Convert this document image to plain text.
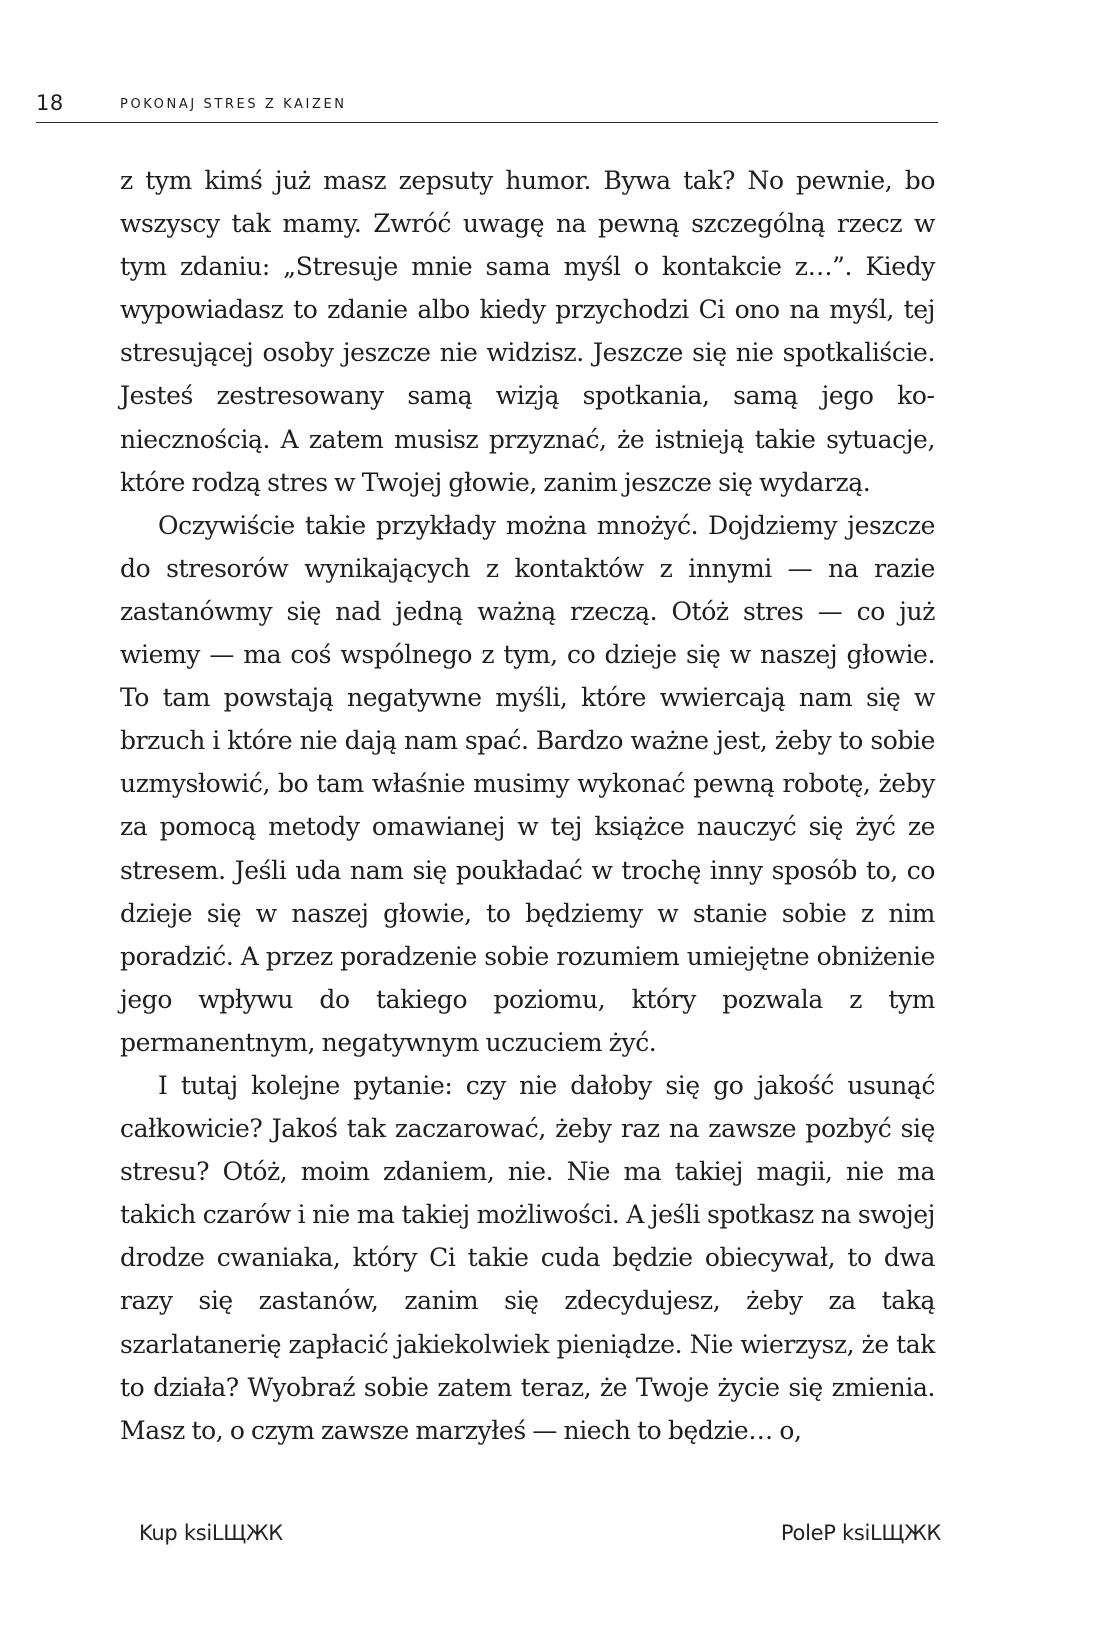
18	POKONAJ STRES Z KAIZEN

z tym kimś już masz zepsuty humor. Bywa tak? No pewnie, bo wszyscy tak mamy. Zwróć uwagę na pewną szczególną rzecz w tym zdaniu: „Stresuje mnie sama myśl o kontakcie z…”. Kiedy wypowiadasz to zdanie albo kiedy przychodzi Ci ono na myśl, tej stresującej osoby jeszcze nie widzisz. Jeszcze się nie spotkaliście. Jesteś zestresowany samą wizją spotkania, samą jego koniecznością. A zatem musisz przyznać, że istnieją takie sytuacje, które rodzą stres w Twojej głowie, zanim jeszcze się wydarzą.

Oczywiście takie przykłady można mnożyć. Dojdziemy jeszcze do stresorów wynikających z kontaktów z innymi — na razie zastanówmy się nad jedną ważną rzeczą. Otóż stres — co już wiemy — ma coś wspólnego z tym, co dzieje się w naszej głowie. To tam powstają negatywne myśli, które wwiercają nam się w brzuch i które nie dają nam spać. Bardzo ważne jest, żeby to sobie uzmysłowić, bo tam właśnie musimy wykonać pewną robotę, żeby za pomocą metody omawianej w tej książce nauczyć się żyć ze stresem. Jeśli uda nam się poukładać w trochę inny sposób to, co dzieje się w naszej głowie, to będziemy w stanie sobie z nim poradzić. A przez poradzenie sobie rozumiem umiejętne obniżenie jego wpływu do takiego poziomu, który pozwala z tym permanentnym, negatywnym uczuciem żyć.

I tutaj kolejne pytanie: czy nie dałoby się go jakość usunąć całkowicie? Jakoś tak zaczarować, żeby raz na zawsze pozbyć się stresu? Otóż, moim zdaniem, nie. Nie ma takiej magii, nie ma takich czarów i nie ma takiej możliwości. A jeśli spotkasz na swojej drodze cwaniaka, który Ci takie cuda będzie obiecywał, to dwa razy się zastanów, zanim się zdecydujesz, żeby za taką szarlatanerię zapłacić jakiekolwiek pieniądze. Nie wierzysz, że tak to działa? Wyobraź sobie zatem teraz, że Twoje życie się zmienia. Masz to, o czym zawsze marzyłeś — niech to będzie… o,

Kup ksiLЩЖК	PoleP ksiLЩЖК
